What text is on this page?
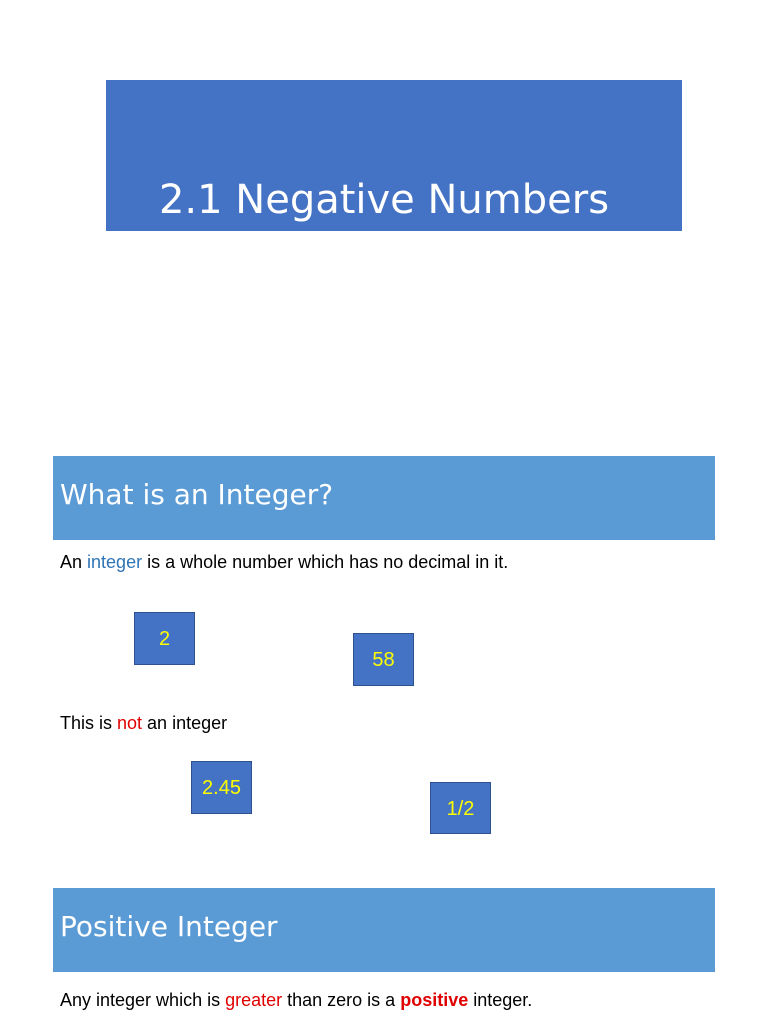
2.1 Negative Numbers
What is an Integer?
An integer is a whole number which has no decimal in it.
2
58
This is not an integer
2.45
1/2
Positive Integer
Any integer which is greater than zero is a positive integer.
